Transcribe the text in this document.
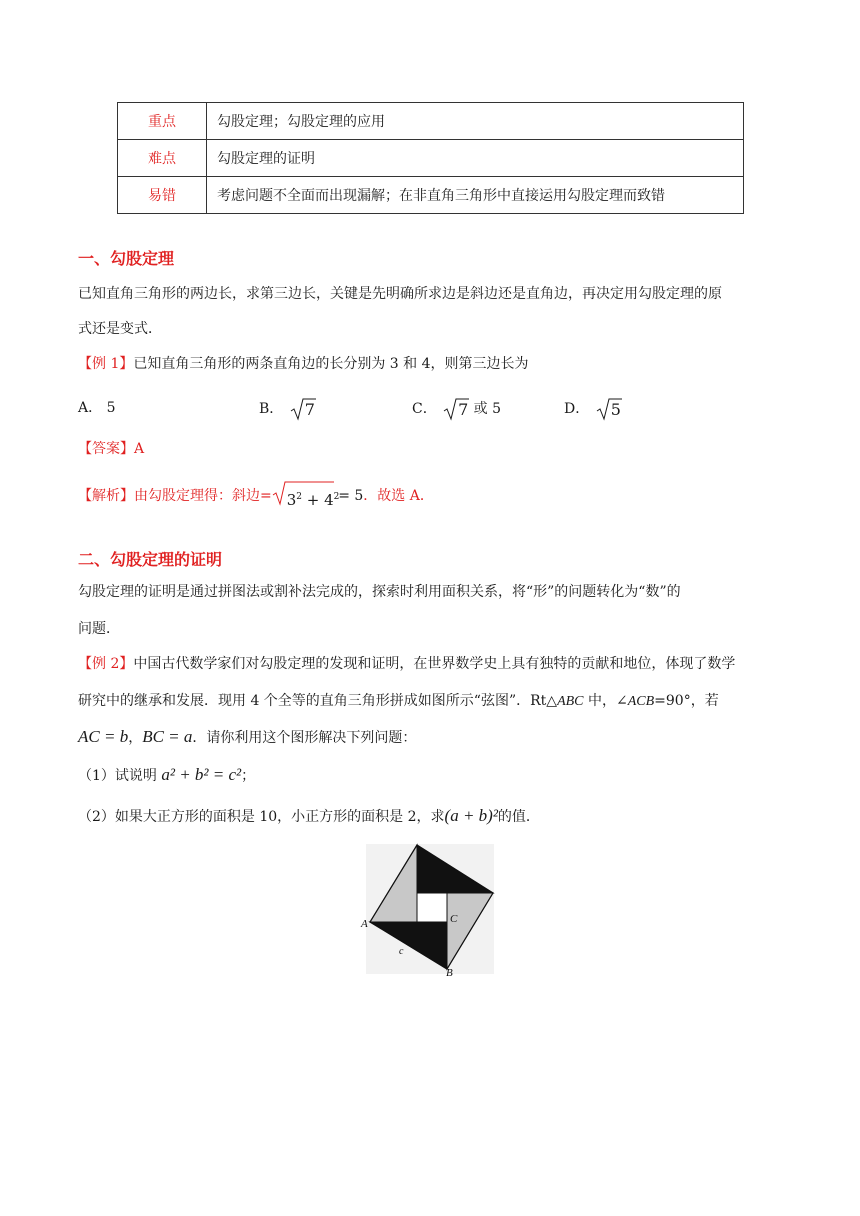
重点	勾股定理；勾股定理的应用
难点	勾股定理的证明
易错	考虑问题不全面而出现漏解；在非直角三角形中直接运用勾股定理而致错
一、勾股定理
已知直角三角形的两边长，求第三边长，关键是先明确所求边是斜边还是直角边，再决定用勾股定理的原
式还是变式．
【例 1】已知直角三角形的两条直角边的长分别为 3 和 4，则第三边长为
A． 5	B． 7	C． 7 或 5	D． 5
【答案】A
【解析】由勾股定理得：斜边= $3^2 + 4^2$
= 5．故选 A．
二、勾股定理的证明
勾股定理的证明是通过拼图法或割补法完成的，探索时利用面积关系，将“形”的问题转化为“数”的
问题．
【例 2】中国古代数学家们对勾股定理的发现和证明，在世界数学史上具有独特的贡献和地位，体现了数学
研究中的继承和发展．现用 4 个全等的直角三角形拼成如图所示“弦图”．Rt△ABC 中，∠ACB=90°，若
AC = b，BC = a．请你利用这个图形解决下列问题：
（1）试说明 a² + b² = c²；
（2）如果大正方形的面积是 10，小正方形的面积是 2，求(a + b)²的值．
A
B
C
c
